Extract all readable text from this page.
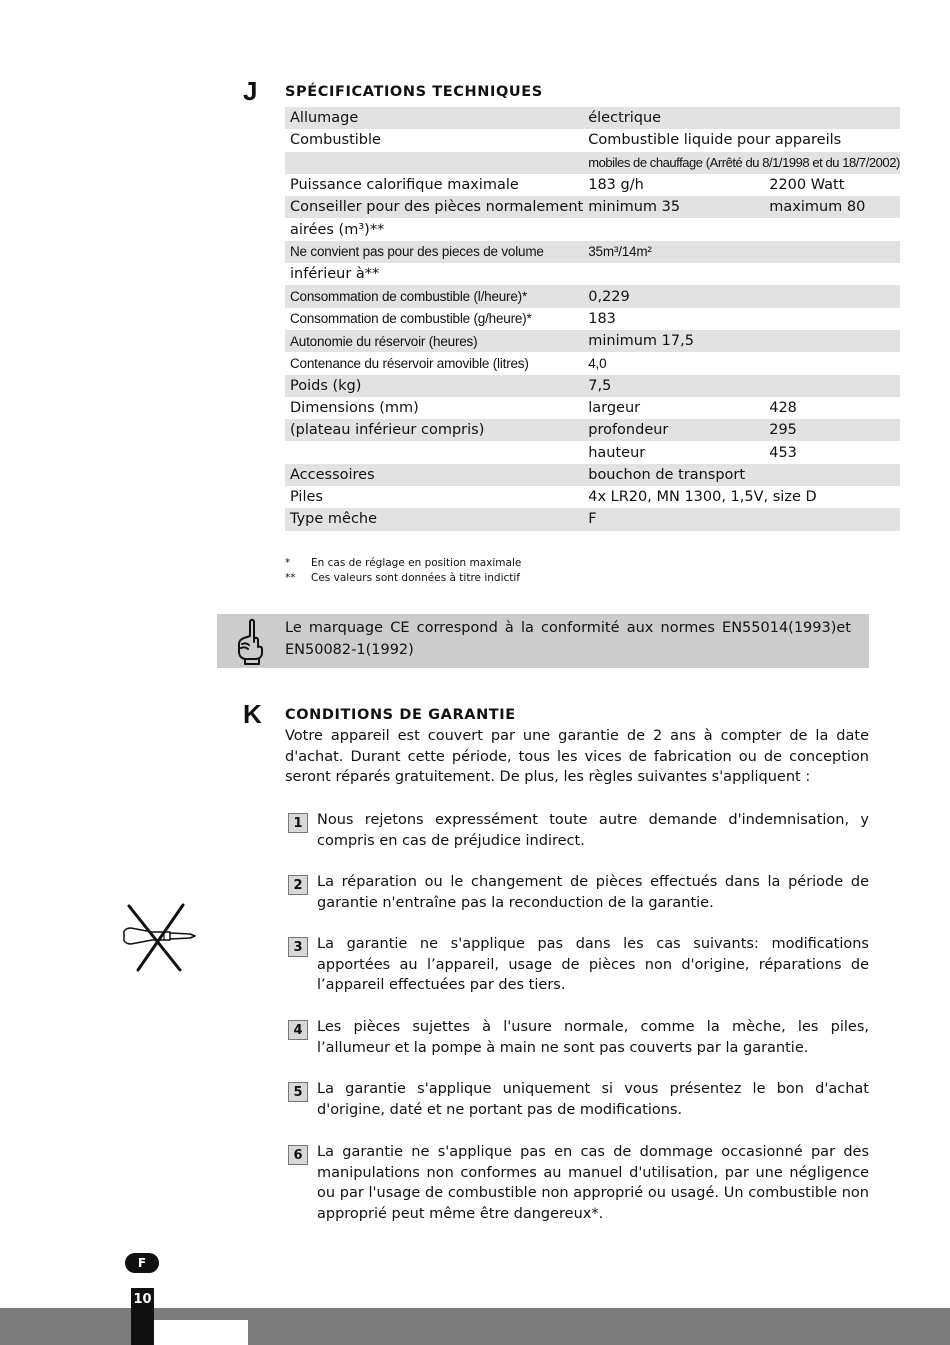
J SPÉCIFICATIONS TECHNIQUES
Allumage	électrique	
Combustible	Combustible liquide pour appareils	
	mobiles de chauffage (Arrêté du 8/1/1998 et du 18/7/2002)	
Puissance calorifique maximale	183 g/h	2200 Watt
Conseiller pour des pièces normalement	minimum 35	maximum 80
airées (m³)**		
Ne convient pas pour des pieces de volume	35m³/14m²	
inférieur à**		
Consommation de combustible (l/heure)*	0,229	
Consommation de combustible (g/heure)*	183	
Autonomie du réservoir (heures)	minimum 17,5	
Contenance du réservoir amovible (litres)	4,0	
Poids (kg)	7,5	
Dimensions (mm)	largeur	428
(plateau inférieur compris)	profondeur	295
	hauteur	453
Accessoires	bouchon de transport	
Piles	4x LR20, MN 1300, 1,5V, size D	
Type mêche	F	
*	En cas de réglage en position maximale
**	Ces valeurs sont données à titre indictif
Le marquage CE correspond à la conformité aux normes EN55014(1993)et EN50082-1(1992)
K CONDITIONS DE GARANTIE
Votre appareil est couvert par une garantie de 2 ans à compter de la date d'achat. Durant cette période, tous les vices de fabrication ou de conception seront réparés gratuitement. De plus, les règles suivantes s'appliquent :
1 Nous rejetons expressément toute autre demande d'indemnisation, y compris en cas de préjudice indirect.
2 La réparation ou le changement de pièces effectués dans la période de garantie n'entraîne pas la reconduction de la garantie.
3 La garantie ne s'applique pas dans les cas suivants: modifications apportées au l’appareil, usage de pièces non d'origine, réparations de l’appareil effectuées par des tiers.
4 Les pièces sujettes à l'usure normale, comme la mèche, les piles, l’allumeur et la pompe à main ne sont pas couverts par la garantie.
5 La garantie s'applique uniquement si vous présentez le bon d'achat d'origine, daté et ne portant pas de modifications.
6 La garantie ne s'applique pas en cas de dommage occasionné par des manipulations non conformes au manuel d'utilisation, par une négligence ou par l'usage de combustible non approprié ou usagé. Un combustible non approprié peut même être dangereux*.
F
10
